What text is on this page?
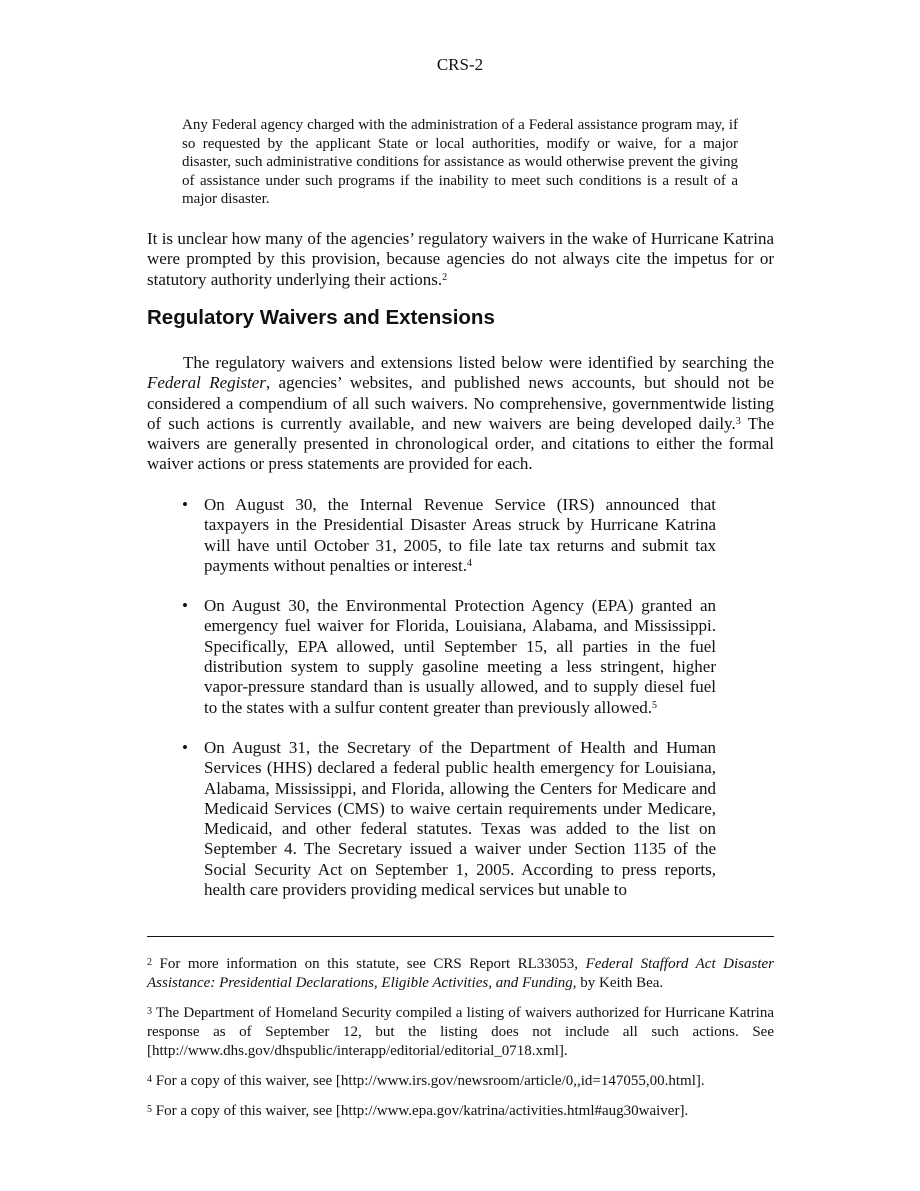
CRS-2
Any Federal agency charged with the administration of a Federal assistance program may, if so requested by the applicant State or local authorities, modify or waive, for a major disaster, such administrative conditions for assistance as would otherwise prevent the giving of assistance under such programs if the inability to meet such conditions is a result of a major disaster.
It is unclear how many of the agencies’ regulatory waivers in the wake of Hurricane Katrina were prompted by this provision, because agencies do not always cite the impetus for or statutory authority underlying their actions.$^2$
Regulatory Waivers and Extensions
The regulatory waivers and extensions listed below were identified by searching the Federal Register, agencies’ websites, and published news accounts, but should not be considered a compendium of all such waivers. No comprehensive, governmentwide listing of such actions is currently available, and new waivers are being developed daily.$^3$ The waivers are generally presented in chronological order, and citations to either the formal waiver actions or press statements are provided for each.
• On August 30, the Internal Revenue Service (IRS) announced that taxpayers in the Presidential Disaster Areas struck by Hurricane Katrina will have until October 31, 2005, to file late tax returns and submit tax payments without penalties or interest.$^4$
• On August 30, the Environmental Protection Agency (EPA) granted an emergency fuel waiver for Florida, Louisiana, Alabama, and Mississippi. Specifically, EPA allowed, until September 15, all parties in the fuel distribution system to supply gasoline meeting a less stringent, higher vapor-pressure standard than is usually allowed, and to supply diesel fuel to the states with a sulfur content greater than previously allowed.$^5$
• On August 31, the Secretary of the Department of Health and Human Services (HHS) declared a federal public health emergency for Louisiana, Alabama, Mississippi, and Florida, allowing the Centers for Medicare and Medicaid Services (CMS) to waive certain requirements under Medicare, Medicaid, and other federal statutes. Texas was added to the list on September 4. The Secretary issued a waiver under Section 1135 of the Social Security Act on September 1, 2005. According to press reports, health care providers providing medical services but unable to

$^2$ For more information on this statute, see CRS Report RL33053, Federal Stafford Act Disaster Assistance: Presidential Declarations, Eligible Activities, and Funding, by Keith Bea.

$^3$ The Department of Homeland Security compiled a listing of waivers authorized for Hurricane Katrina response as of September 12, but the listing does not include all such actions. See [http://www.dhs.gov/dhspublic/interapp/editorial/editorial_0718.xml].

$^4$ For a copy of this waiver, see [http://www.irs.gov/newsroom/article/0,,id=147055,00.html].

$^5$ For a copy of this waiver, see [http://www.epa.gov/katrina/activities.html#aug30waiver].
